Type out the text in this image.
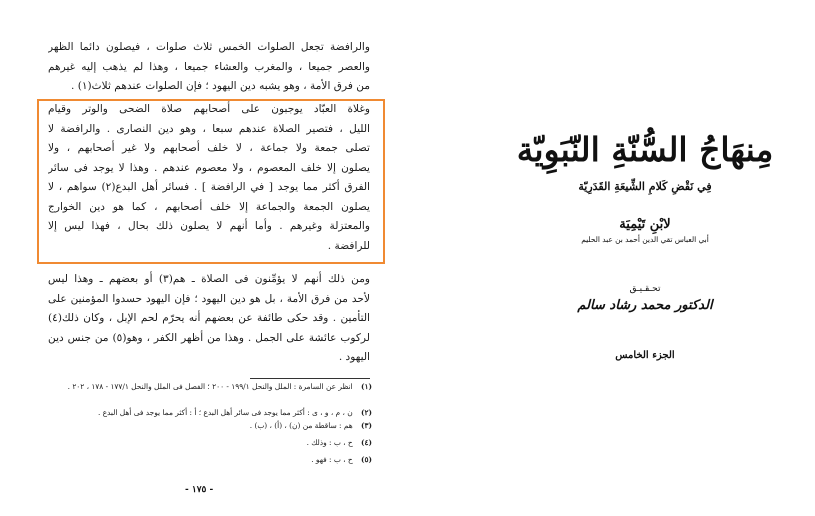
والرافضة تجعل الصلوات الخمس ثلاث صلوات ، فيصلون دائما الظهر
والعصر جميعا ، والمغرب والعشاء جميعا ، وهذا لم يذهب إليه غيرهم
من فرق الأمة ، وهو يشبه دين اليهود ؛ فإن الصلوات عندهم ثلاث(١) .
وغلاة العبّاد يوجبون على أصحابهم صلاة الضحى والوتر وقيام
الليل ، فتصير الصلاة عندهم سبعا ، وهو دين النصارى . والرافضة لا
تصلى جمعة ولا جماعة ، لا خلف أصحابهم ولا غير أصحابهم ، ولا
يصلون إلا خلف المعصوم ، ولا معصوم عندهم . وهذا لا يوجد فى سائر
الفرق أكثر مما يوجد [ في الرافضة ] . فسائر أهل البدع(٢) سواهم ، لا
يصلون الجمعة والجماعة إلا خلف أصحابهم ، كما هو دين الخوارج
والمعتزلة وغيرهم . وأما أنهم لا يصلون ذلك بحال ، فهذا ليس إلا
للرافضة .
ومن ذلك أنهم لا يؤمِّنون فى الصلاة ـ هم(٣) أو بعضهم ـ وهذا ليس
لأحد من فرق الأمة ، بل هو دين اليهود ؛ فإن اليهود حسدوا المؤمنين على
التأمين . وقد حكى طائفة عن بعضهم أنه يحرّم لحم الإبل ، وكان ذلك(٤)
لركوب عائشة على الجمل . وهذا من أظهر الكفر ، وهو(٥) من جنس دين
اليهود .
(١) انظر عن السامرة : الملل والنحل ١٩٩/١ - ٢٠٠ ؛ الفصل فى الملل والنحل ١٧٧/١ - ١٧٨ ، ٢٠٢ .
(٢) ن ، م ، و ، ى : أكثر مما يوجد فى سائر أهل البدع ؛ أ : أكثر مما يوجد فى أهل البدع .
(٣) هم : ساقطة من (ن) ، (أ) ، (ب) .
(٤) ح ، ب : وذلك .
(٥) ح ، ب : فهو .
- ١٧٥ -
مِنهَاجُ السُّنّةِ النّبَوِيّة
فِي نَقْضِ كَلامِ الشِّيعَةِ القَدَرِيّة
لابْنِ تَيْمِيَة
أبي العباس تقي الدين أحمد بن عبد الحليم
تحـقـيـق
الدكتور محمد رشاد سالم
الجزء الخامس
